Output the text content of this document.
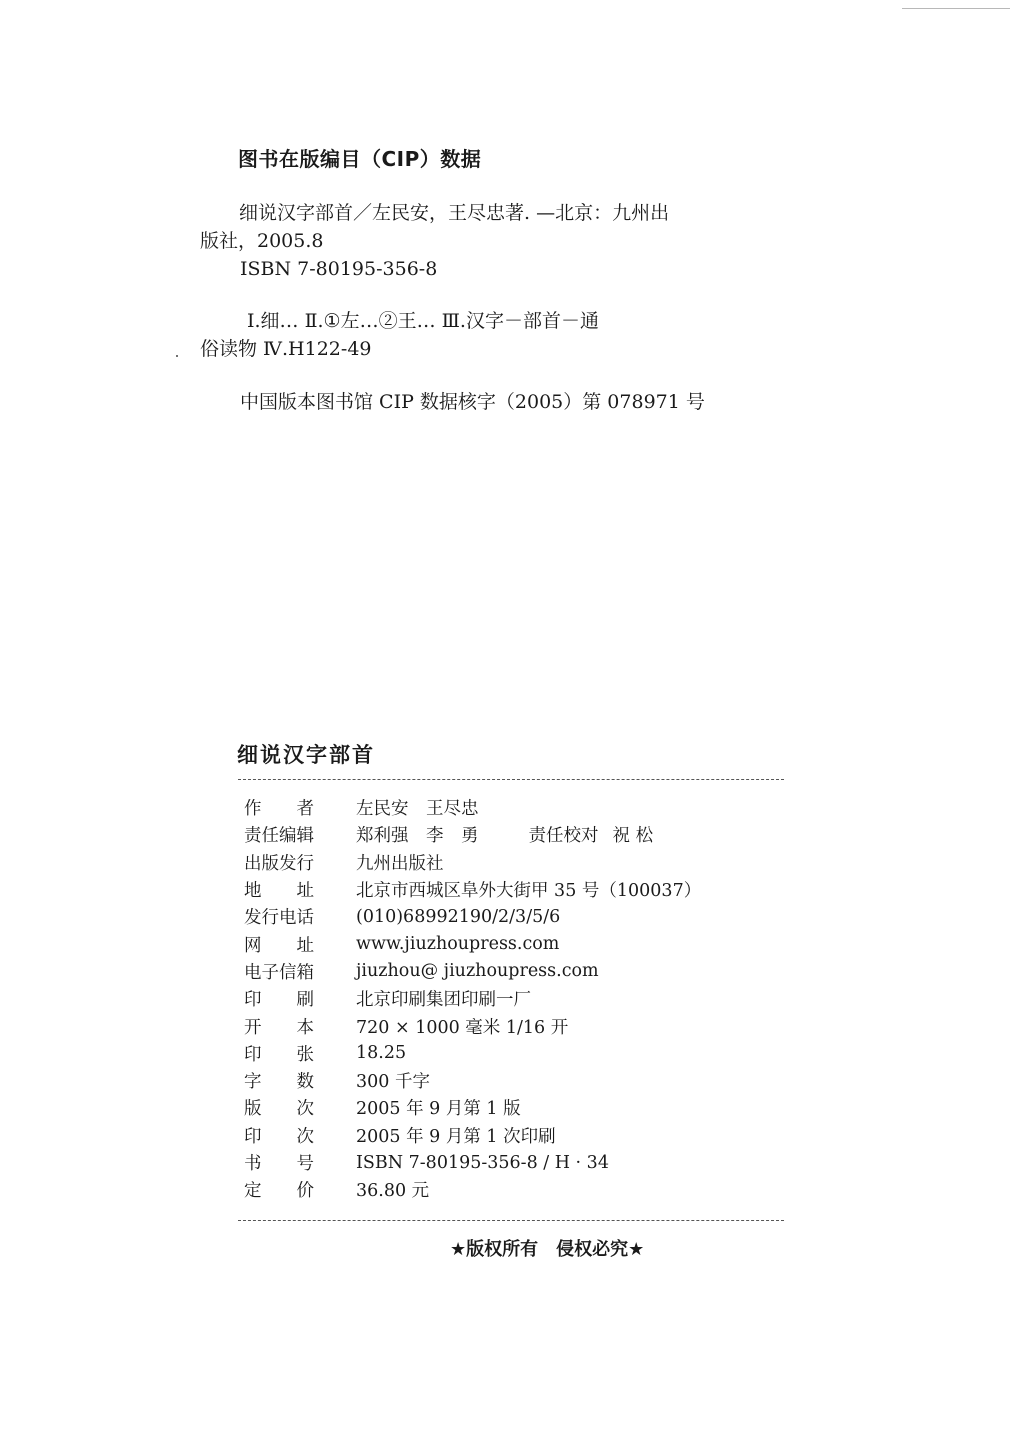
图书在版编目（CIP）数据
细说汉字部首／左民安，王尽忠著. —北京：九州出
版社，2005.8
ISBN 7-80195-356-8
Ⅰ.细… Ⅱ.①左…②王… Ⅲ.汉字－部首－通
俗读物 Ⅳ.H122-49
中国版本图书馆 CIP 数据核字（2005）第 078971 号
细说汉字部首
作　　者	左民安　王尽忠
责任编辑	郑利强　李　勇	责任校对 祝 松
出版发行	九州出版社
地　　址	北京市西城区阜外大街甲 35 号（100037）
发行电话	(010)68992190/2/3/5/6
网　　址	www.jiuzhoupress.com
电子信箱	jiuzhou@ jiuzhoupress.com
印　　刷	北京印刷集团印刷一厂
开　　本	720 × 1000 毫米 1/16 开
印　　张	18.25
字　　数	300 千字
版　　次	2005 年 9 月第 1 版
印　　次	2005 年 9 月第 1 次印刷
书　　号	ISBN 7-80195-356-8 / H · 34
定　　价	36.80 元
★版权所有　侵权必究★
